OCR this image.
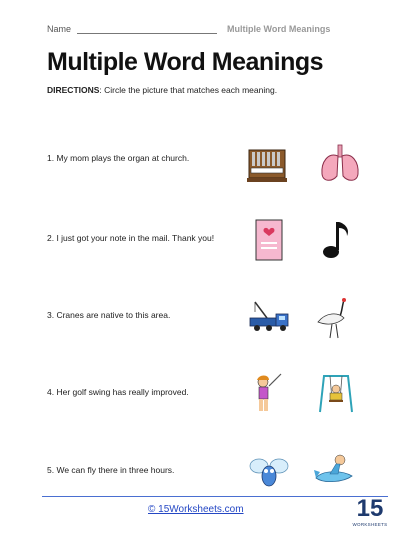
Name	Multiple Word Meanings
Multiple Word Meanings
DIRECTIONS: Circle the picture that matches each meaning.
1. My mom plays the organ at church.
2. I just got your note in the mail. Thank you!
3. Cranes are native to this area.
4. Her golf swing has really improved.
5. We can fly there in three hours.
© 15Worksheets.com	15
WORKSHEETS
